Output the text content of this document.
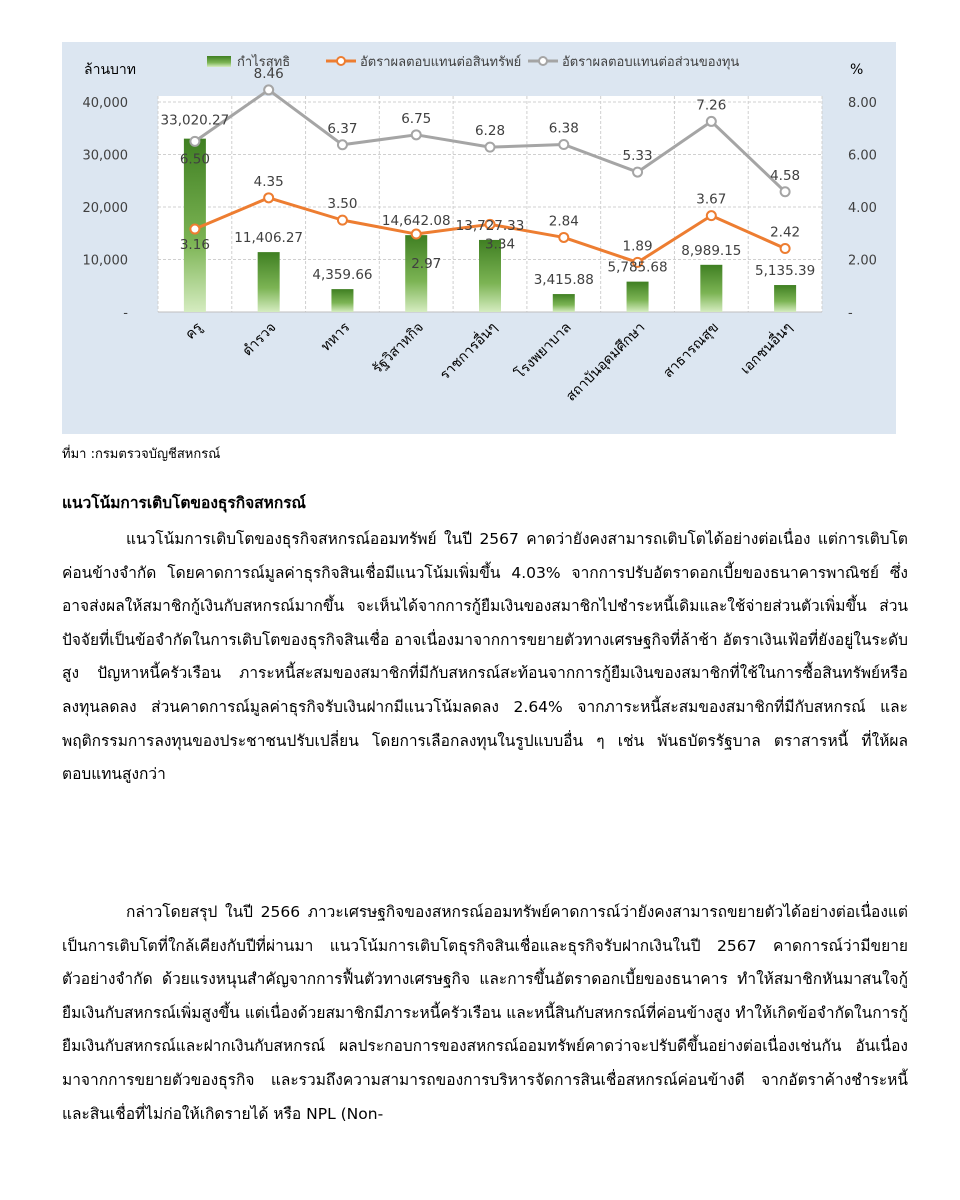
33,020.27
11,406.27
4,359.66
14,642.08 13,727.33
3,415.88
5,785.68
8,989.15
5,135.39
3.16
4.35
3.50
2.97
3.34
2.84
1.89
3.67
2.42
6.50
8.46
6.37
6.75
6.28	6.38
5.33
7.26
4.58
-
10,000
20,000
30,000
40,000
-
2.00
4.00
6.00
8.00
ล้านบาท	%
ครู ตำรวจ	ทหาร รัฐวิสาหกิจ ราชการอื่นๆ โรงพยาบาล
สถาบันอุดมศึกษา สาธารณสุข เอกชนอื่นๆ
กำไรสุทธิ	อัตราผลตอบแทนต่อสินทรัพย์	อัตราผลตอบแทนต่อส่วนของทุน
ที่มา :กรมตรวจบัญชีสหกรณ์
แนวโน้มการเติบโตของธุรกิจสหกรณ์

แนวโน้มการเติบโตของธุรกิจสหกรณ์ออมทรัพย์ ในปี 2567 คาดว่ายังคงสามารถเติบโตได้อย่างต่อเนื่อง แต่การเติบโตค่อนข้างจำกัด โดยคาดการณ์มูลค่าธุรกิจสินเชื่อมีแนวโน้มเพิ่มขึ้น 4.03% จากการปรับอัตราดอกเบี้ยของธนาคารพาณิชย์ ซึ่งอาจส่งผลให้สมาชิกกู้เงินกับสหกรณ์มากขึ้น จะเห็นได้จากการกู้ยืมเงินของสมาชิกไปชำระหนี้เดิมและใช้จ่ายส่วนตัวเพิ่มขึ้น ส่วนปัจจัยที่เป็นข้อจำกัดในการเติบโตของธุรกิจสินเชื่อ อาจเนื่องมาจากการขยายตัวทางเศรษฐกิจที่ล้าช้า อัตราเงินเฟ้อที่ยังอยู่ในระดับสูง ปัญหาหนี้ครัวเรือน ภาระหนี้สะสมของสมาชิกที่มีกับสหกรณ์สะท้อนจากการกู้ยืมเงินของสมาชิกที่ใช้ในการซื้อสินทรัพย์หรือลงทุนลดลง ส่วนคาดการณ์มูลค่าธุรกิจรับเงินฝากมีแนวโน้มลดลง 2.64% จากภาระหนี้สะสมของสมาชิกที่มีกับสหกรณ์ และพฤติกรรมการลงทุนของประชาชนปรับเปลี่ยน โดยการเลือกลงทุนในรูปแบบอื่น ๆ เช่น พันธบัตรรัฐบาล ตราสารหนี้ ที่ให้ผลตอบแทนสูงกว่า

กล่าวโดยสรุป ในปี 2566 ภาวะเศรษฐกิจของสหกรณ์ออมทรัพย์คาดการณ์ว่ายังคงสามารถขยายตัวได้อย่างต่อเนื่องแต่เป็นการเติบโตที่ใกล้เคียงกับปีที่ผ่านมา แนวโน้มการเติบโตธุรกิจสินเชื่อและธุรกิจรับฝากเงินในปี 2567 คาดการณ์ว่ามีขยายตัวอย่างจำกัด ด้วยแรงหนุนสำคัญจากการฟื้นตัวทางเศรษฐกิจ และการขึ้นอัตราดอกเบี้ยของธนาคาร ทำให้สมาชิกหันมาสนใจกู้ยืมเงินกับสหกรณ์เพิ่มสูงขึ้น แต่เนื่องด้วยสมาชิกมีภาระหนี้ครัวเรือน และหนี้สินกับสหกรณ์ที่ค่อนข้างสูง ทำให้เกิดข้อจำกัดในการกู้ยืมเงินกับสหกรณ์และฝากเงินกับสหกรณ์ ผลประกอบการของสหกรณ์ออมทรัพย์คาดว่าจะปรับดีขึ้นอย่างต่อเนื่องเช่นกัน อันเนื่องมาจากการขยายตัวของธุรกิจ และรวมถึงความสามารถของการบริหารจัดการสินเชื่อสหกรณ์ค่อนข้างดี จากอัตราค้างชำระหนี้และสินเชื่อที่ไม่ก่อให้เกิดรายได้ หรือ NPL (Non-
